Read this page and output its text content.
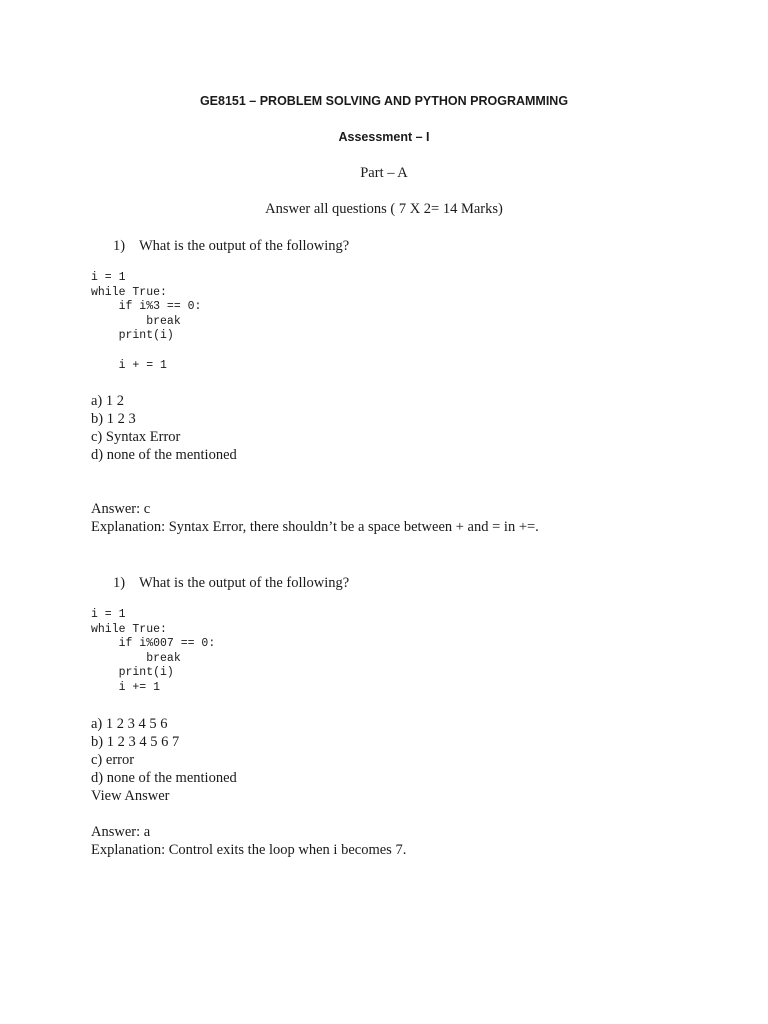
GE8151 – PROBLEM SOLVING AND PYTHON PROGRAMMING
Assessment – I
Part – A
Answer all questions ( 7 X 2= 14 Marks)
1) What is the output of the following?
i = 1
while True:
if i%3 == 0:
break
print(i)
i + = 1
a) 1 2
b) 1 2 3
c) Syntax Error
d) none of the mentioned
Answer: c
Explanation: Syntax Error, there shouldn’t be a space between + and = in +=.
1) What is the output of the following?
i = 1
while True:
if i%007 == 0:
break
print(i)
i += 1
a) 1 2 3 4 5 6
b) 1 2 3 4 5 6 7
c) error
d) none of the mentioned
View Answer
Answer: a
Explanation: Control exits the loop when i becomes 7.
